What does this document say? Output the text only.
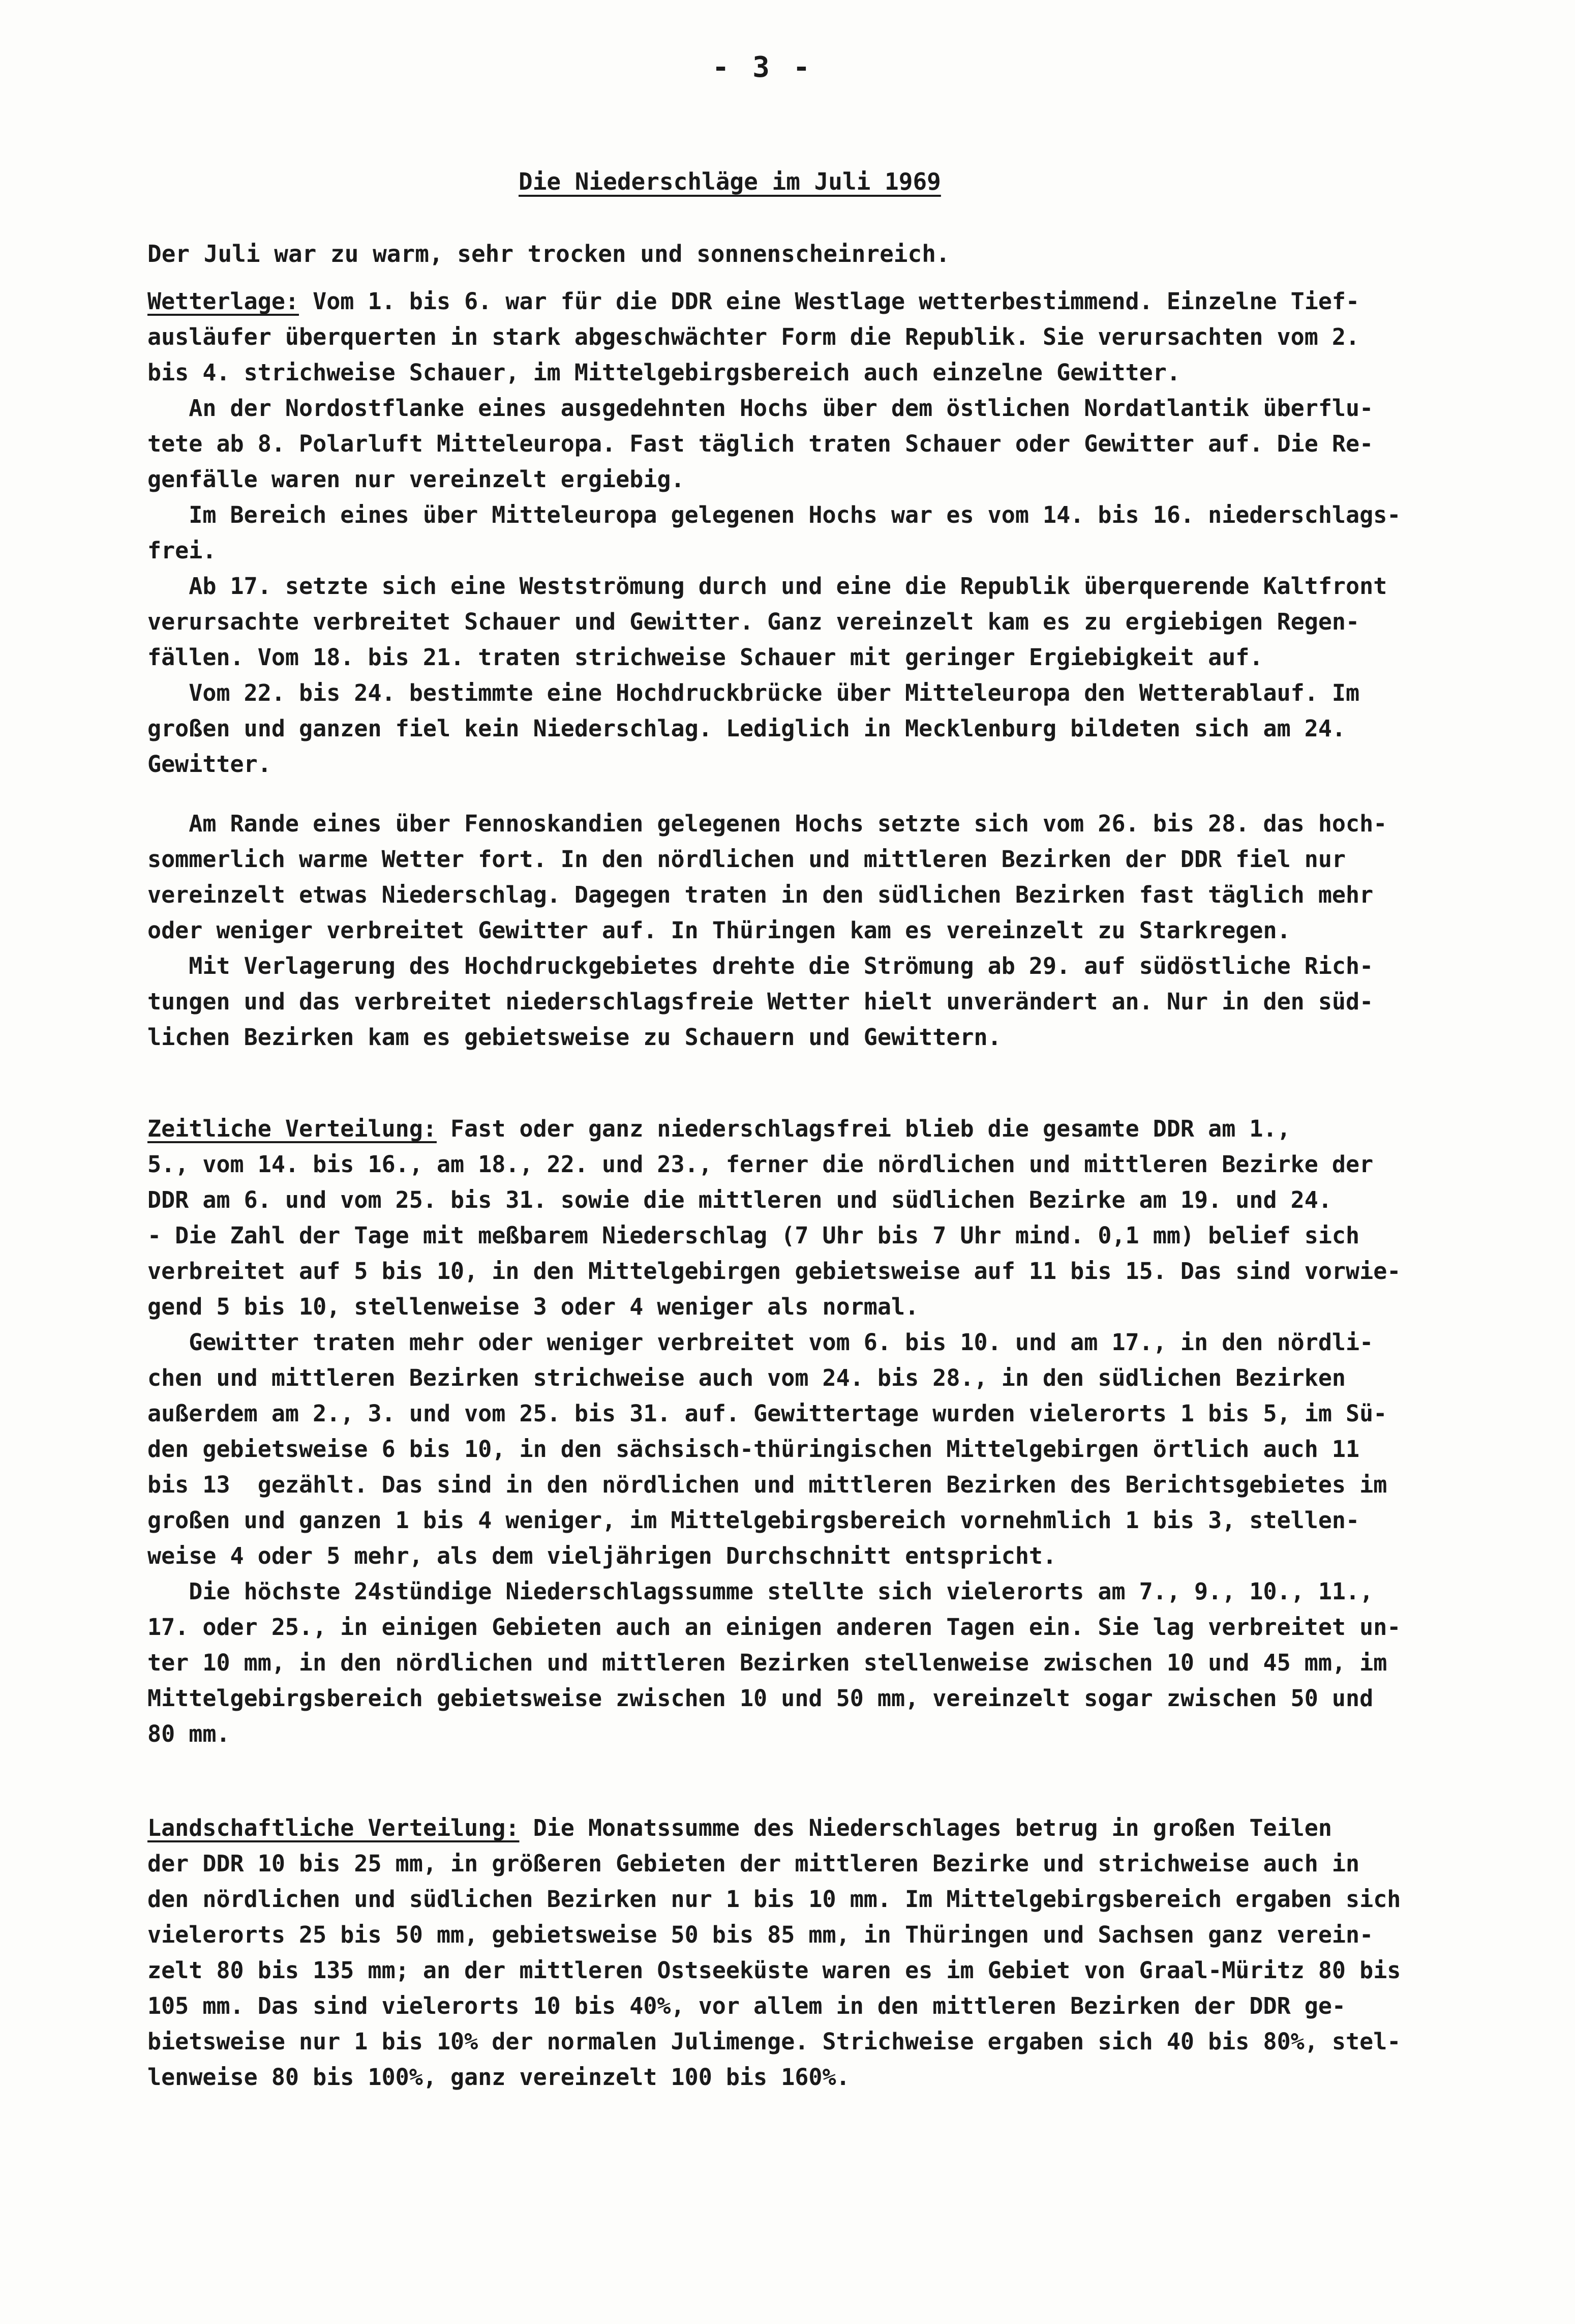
- 3 -
Die Niederschläge im Juli 1969
Der Juli war zu warm, sehr trocken und sonnenscheinreich.
Wetterlage: Vom 1. bis 6. war für die DDR eine Westlage wetterbestimmend. Einzelne Tief-
ausläufer überquerten in stark abgeschwächter Form die Republik. Sie verursachten vom 2.
bis 4. strichweise Schauer, im Mittelgebirgsbereich auch einzelne Gewitter.
An der Nordostflanke eines ausgedehnten Hochs über dem östlichen Nordatlantik überflu-
tete ab 8. Polarluft Mitteleuropa. Fast täglich traten Schauer oder Gewitter auf. Die Re-
genfälle waren nur vereinzelt ergiebig.
Im Bereich eines über Mitteleuropa gelegenen Hochs war es vom 14. bis 16. niederschlags-
frei.
Ab 17. setzte sich eine Westströmung durch und eine die Republik überquerende Kaltfront
verursachte verbreitet Schauer und Gewitter. Ganz vereinzelt kam es zu ergiebigen Regen-
fällen. Vom 18. bis 21. traten strichweise Schauer mit geringer Ergiebigkeit auf.
Vom 22. bis 24. bestimmte eine Hochdruckbrücke über Mitteleuropa den Wetterablauf. Im
großen und ganzen fiel kein Niederschlag. Lediglich in Mecklenburg bildeten sich am 24.
Gewitter.
Am Rande eines über Fennoskandien gelegenen Hochs setzte sich vom 26. bis 28. das hoch-
sommerlich warme Wetter fort. In den nördlichen und mittleren Bezirken der DDR fiel nur
vereinzelt etwas Niederschlag. Dagegen traten in den südlichen Bezirken fast täglich mehr
oder weniger verbreitet Gewitter auf. In Thüringen kam es vereinzelt zu Starkregen.
Mit Verlagerung des Hochdruckgebietes drehte die Strömung ab 29. auf südöstliche Rich-
tungen und das verbreitet niederschlagsfreie Wetter hielt unverändert an. Nur in den süd-
lichen Bezirken kam es gebietsweise zu Schauern und Gewittern.
Zeitliche Verteilung: Fast oder ganz niederschlagsfrei blieb die gesamte DDR am 1.,
5., vom 14. bis 16., am 18., 22. und 23., ferner die nördlichen und mittleren Bezirke der
DDR am 6. und vom 25. bis 31. sowie die mittleren und südlichen Bezirke am 19. und 24.
- Die Zahl der Tage mit meßbarem Niederschlag (7 Uhr bis 7 Uhr mind. 0,1 mm) belief sich
verbreitet auf 5 bis 10, in den Mittelgebirgen gebietsweise auf 11 bis 15. Das sind vorwie-
gend 5 bis 10, stellenweise 3 oder 4 weniger als normal.
Gewitter traten mehr oder weniger verbreitet vom 6. bis 10. und am 17., in den nördli-
chen und mittleren Bezirken strichweise auch vom 24. bis 28., in den südlichen Bezirken
außerdem am 2., 3. und vom 25. bis 31. auf. Gewittertage wurden vielerorts 1 bis 5, im Sü-
den gebietsweise 6 bis 10, in den sächsisch-thüringischen Mittelgebirgen örtlich auch 11
bis 13  gezählt. Das sind in den nördlichen und mittleren Bezirken des Berichtsgebietes im
großen und ganzen 1 bis 4 weniger, im Mittelgebirgsbereich vornehmlich 1 bis 3, stellen-
weise 4 oder 5 mehr, als dem vieljährigen Durchschnitt entspricht.
Die höchste 24stündige Niederschlagssumme stellte sich vielerorts am 7., 9., 10., 11.,
17. oder 25., in einigen Gebieten auch an einigen anderen Tagen ein. Sie lag verbreitet un-
ter 10 mm, in den nördlichen und mittleren Bezirken stellenweise zwischen 10 und 45 mm, im
Mittelgebirgsbereich gebietsweise zwischen 10 und 50 mm, vereinzelt sogar zwischen 50 und
80 mm.
Landschaftliche Verteilung: Die Monatssumme des Niederschlages betrug in großen Teilen
der DDR 10 bis 25 mm, in größeren Gebieten der mittleren Bezirke und strichweise auch in
den nördlichen und südlichen Bezirken nur 1 bis 10 mm. Im Mittelgebirgsbereich ergaben sich
vielerorts 25 bis 50 mm, gebietsweise 50 bis 85 mm, in Thüringen und Sachsen ganz verein-
zelt 80 bis 135 mm; an der mittleren Ostseeküste waren es im Gebiet von Graal-Müritz 80 bis
105 mm. Das sind vielerorts 10 bis 40%, vor allem in den mittleren Bezirken der DDR ge-
bietsweise nur 1 bis 10% der normalen Julimenge. Strichweise ergaben sich 40 bis 80%, stel-
lenweise 80 bis 100%, ganz vereinzelt 100 bis 160%.
